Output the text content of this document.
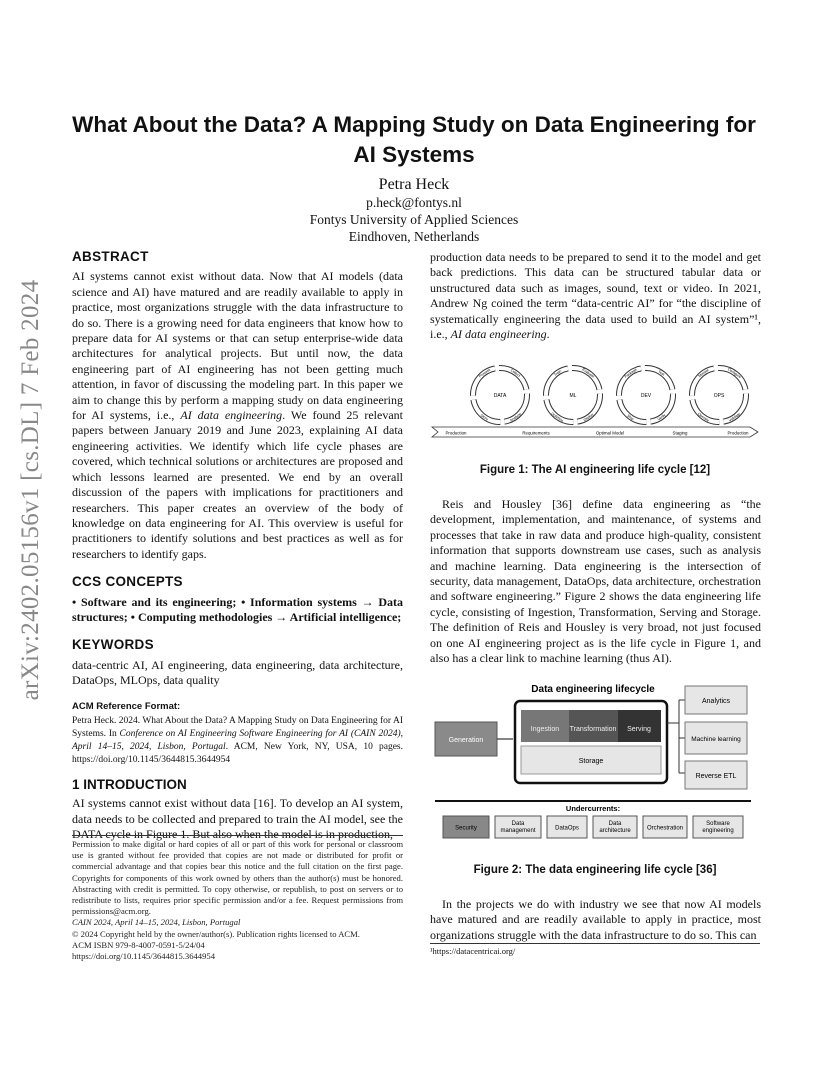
arXiv:2402.05156v1 [cs.DL] 7 Feb 2024
What About the Data? A Mapping Study on Data Engineering for AI Systems
Petra Heck
p.heck@fontys.nl
Fontys University of Applied Sciences
Eindhoven, Netherlands
ABSTRACT

AI systems cannot exist without data. Now that AI models (data science and AI) have matured and are readily available to apply in practice, most organizations struggle with the data infrastructure to do so. There is a growing need for data engineers that know how to prepare data for AI systems or that can setup enterprise-wide data architectures for analytical projects. But until now, the data engineering part of AI engineering has not been getting much attention, in favor of discussing the modeling part. In this paper we aim to change this by perform a mapping study on data engineering for AI systems, i.e., AI data engineering. We found 25 relevant papers between January 2019 and June 2023, explaining AI data engineering activities. We identify which life cycle phases are covered, which technical solutions or architectures are proposed and which lessons learned are presented. We end by an overall discussion of the papers with implications for practitioners and researchers. This paper creates an overview of the body of knowledge on data engineering for AI. This overview is useful for practitioners to identify solutions and best practices as well as for researchers to identify gaps.

CCS CONCEPTS

• Software and its engineering; • Information systems → Data structures; • Computing methodologies → Artificial intelligence;

KEYWORDS

data-centric AI, AI engineering, data engineering, data architecture, DataOps, MLOps, data quality

ACM Reference Format:

Petra Heck. 2024. What About the Data? A Mapping Study on Data Engineering for AI Systems. In Conference on AI Engineering Software Engineering for AI (CAIN 2024), April 14–15, 2024, Lisbon, Portugal. ACM, New York, NY, USA, 10 pages. https://doi.org/10.1145/3644815.3644954

1 INTRODUCTION

AI systems cannot exist without data [16]. To develop an AI system, data needs to be collected and prepared to train the AI model, see the DATA cycle in Figure 1. But also when the model is in production,

Permission to make digital or hard copies of all or part of this work for personal or classroom use is granted without fee provided that copies are not made or distributed for profit or commercial advantage and that copies bear this notice and the full citation on the first page. Copyrights for components of this work owned by others than the author(s) must be honored. Abstracting with credit is permitted. To copy otherwise, or republish, to post on servers or to redistribute to lists, requires prior specific permission and/or a fee. Request permissions from permissions@acm.org.
CAIN 2024, April 14–15, 2024, Lisbon, Portugal
© 2024 Copyright held by the owner/author(s). Publication rights licensed to ACM.
ACM ISBN 979-8-4007-0591-5/24/04
https://doi.org/10.1145/3644815.3644954

production data needs to be prepared to send it to the model and get back predictions. This data can be structured tabular data or unstructured data such as images, sound, text or video. In 2021, Andrew Ng coined the term “data-centric AI” for “the discipline of systematically engineering the data used to build an AI system”¹, i.e., AI data engineering.

DATA
Process	Collect
Store	Analyze
ML
Train	Evaluate
Optimize	Deploy
DEV
Package	Test
Ship	Verify
OPS
Monitor	Configure
Operate	Validate
Production	Requirements	Optimal Model	Staging	Production
Figure 1: The AI engineering life cycle [12]

Reis and Housley [36] define data engineering as “the development, implementation, and maintenance, of systems and processes that take in raw data and produce high-quality, consistent information that supports downstream use cases, such as analysis and machine learning. Data engineering is the intersection of security, data management, DataOps, data architecture, orchestration and software engineering.” Figure 2 shows the data engineering life cycle, consisting of Ingestion, Transformation, Serving and Storage. The definition of Reis and Housley is very broad, not just focused on one AI engineering project as is the life cycle in Figure 1, and also has a clear link to machine learning (thus AI).

Data engineering lifecycle
Generation
Ingestion Transformation Serving
Storage
Analytics
Machine learning
Reverse ETL
Undercurrents:
Security
Data
management	DataOps
Data
architecture	Orchestration
Software
engineering
Figure 2: The data engineering life cycle [36]

In the projects we do with industry we see that now AI models have matured and are readily available to apply in practice, most organizations struggle with the data infrastructure to do so. This can

¹https://datacentricai.org/
